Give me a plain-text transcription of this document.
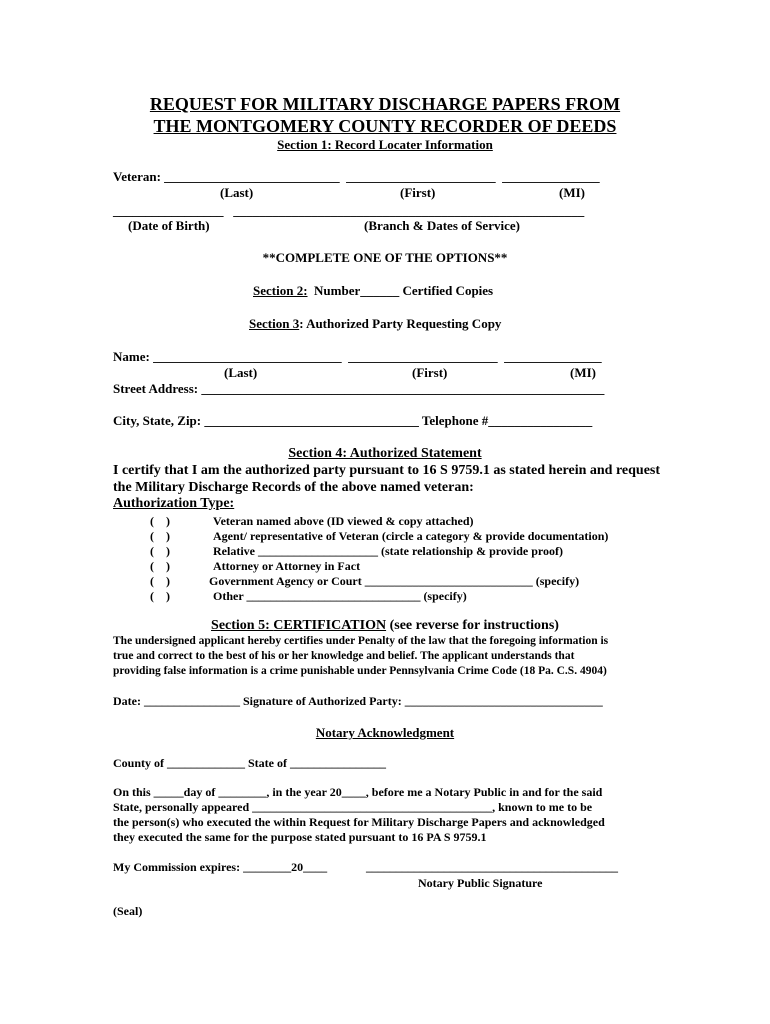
REQUEST FOR MILITARY DISCHARGE PAPERS FROM
THE MONTGOMERY COUNTY RECORDER OF DEEDS
Section 1: Record Locater Information
Veteran: ___________________________  _______________________  _______________
(Last)	(First)	(MI)
_________________   ______________________________________________________
(Date of Birth)	(Branch & Dates of Service)
**COMPLETE ONE OF THE OPTIONS**
Section 2:  Number______ Certified Copies
Section 3: Authorized Party Requesting Copy
Name: _____________________________  _______________________  _______________
(Last)	(First)	(MI)
Street Address: ______________________________________________________________
City, State, Zip: _________________________________ Telephone #________________
Section 4: Authorized Statement
I certify that I am the authorized party pursuant to 16 S 9759.1 as stated herein and request
the Military Discharge Records of the above named veteran:
Authorization Type:
(    )	Veteran named above (ID viewed & copy attached)
(    )	Agent/ representative of Veteran (circle a category & provide documentation)
(    )	Relative ____________________ (state relationship & provide proof)
(    )	Attorney or Attorney in Fact
(    )	Government Agency or Court ____________________________ (specify)
(    )	Other _____________________________ (specify)
Section 5: CERTIFICATION (see reverse for instructions)
The undersigned applicant hereby certifies under Penalty of the law that the foregoing information is
true and correct to the best of his or her knowledge and belief. The applicant understands that
providing false information is a crime punishable under Pennsylvania Crime Code (18 Pa. C.S. 4904)
Date: ________________ Signature of Authorized Party: _________________________________
Notary Acknowledgment
County of _____________ State of ________________
On this _____day of ________, in the year 20____, before me a Notary Public in and for the said
State, personally appeared ________________________________________, known to me to be
the person(s) who executed the within Request for Military Discharge Papers and acknowledged
they executed the same for the purpose stated pursuant to 16 PA S 9759.1
My Commission expires: ________20____	__________________________________________
Notary Public Signature
(Seal)
